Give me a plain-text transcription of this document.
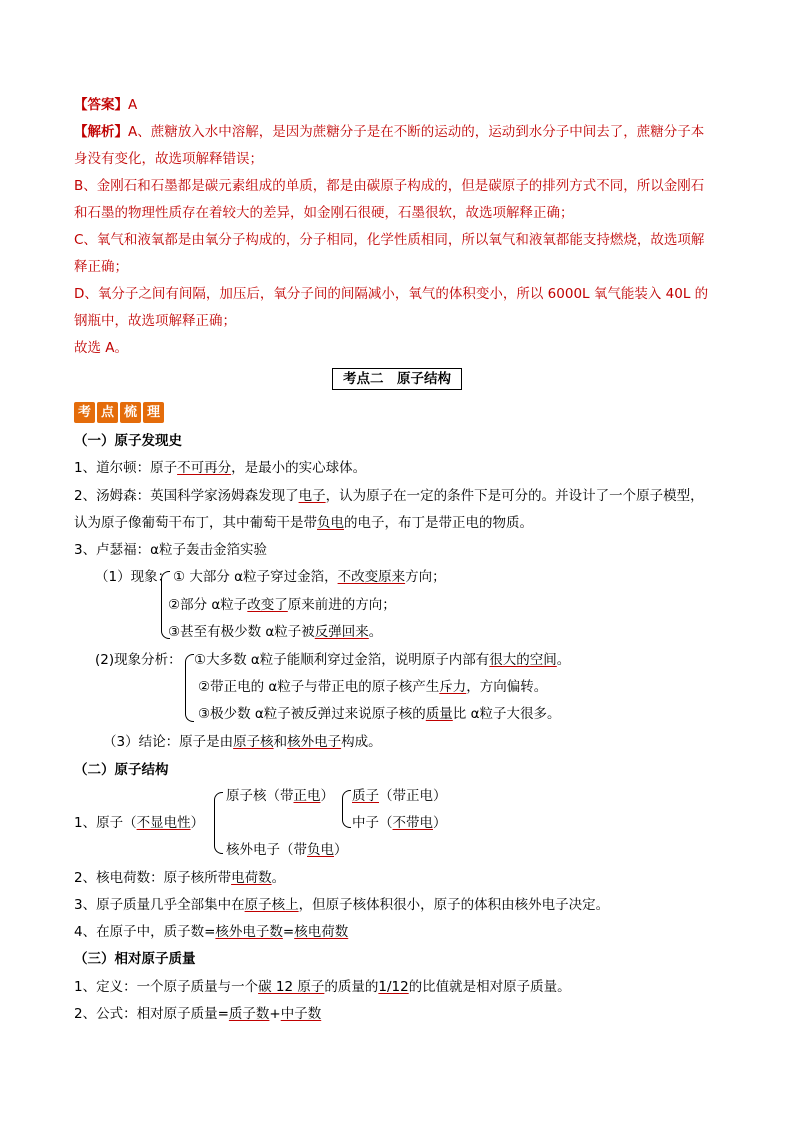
【答案】A
【解析】A、蔗糖放入水中溶解，是因为蔗糖分子是在不断的运动的，运动到水分子中间去了，蔗糖分子本
身没有变化，故选项解释错误；
B、金刚石和石墨都是碳元素组成的单质，都是由碳原子构成的，但是碳原子的排列方式不同，所以金刚石
和石墨的物理性质存在着较大的差异，如金刚石很硬，石墨很软，故选项解释正确；
C、氧气和液氧都是由氧分子构成的，分子相同，化学性质相同，所以氧气和液氧都能支持燃烧，故选项解
释正确；
D、氧分子之间有间隔，加压后，氧分子间的间隔减小，氧气的体积变小，所以 6000L 氧气能装入 40L 的
钢瓶中，故选项解释正确；
故选 A。
考点二　原子结构
考 点 梳 理
（一）原子发现史
1、道尔顿：原子不可再分，是最小的实心球体。
2、汤姆森：英国科学家汤姆森发现了电子，认为原子在一定的条件下是可分的。并设计了一个原子模型，
认为原子像葡萄干布丁，其中葡萄干是带负电的电子，布丁是带正电的物质。
3、卢瑟福：α粒子轰击金箔实验
（1）现象： ① 大部分 α粒子穿过金箔，不改变原来方向；
②部分 α粒子改变了原来前进的方向；
③甚至有极少数 α粒子被反弹回来。
(2)现象分析： ①大多数 α粒子能顺利穿过金箔，说明原子内部有很大的空间。
②带正电的 α粒子与带正电的原子核产生斥力，方向偏转。
③极少数 α粒子被反弹过来说原子核的质量比 α粒子大很多。
（3）结论：原子是由原子核和核外电子构成。
（二）原子结构
1、原子（不显电性）
原子核（带正电） 质子（带正电）
中子（不带电）
核外电子（带负电）
2、核电荷数：原子核所带电荷数。
3、原子质量几乎全部集中在原子核上，但原子核体积很小，原子的体积由核外电子决定。
4、在原子中，质子数=核外电子数=核电荷数
（三）相对原子质量
1、定义：一个原子质量与一个碳 12 原子的质量的1/12的比值就是相对原子质量。
2、公式：相对原子质量=质子数+中子数
